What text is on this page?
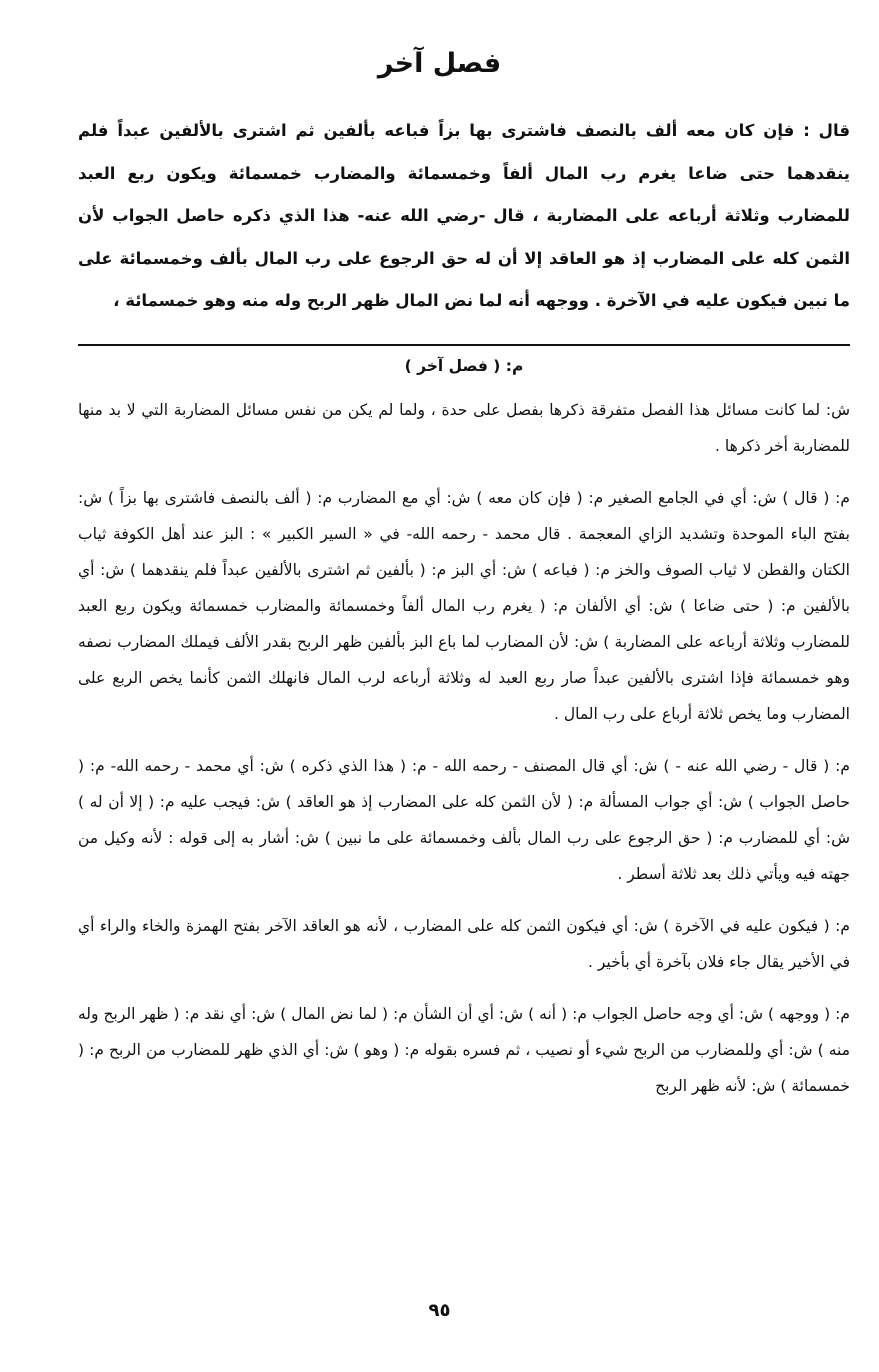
فصل آخر

قال : فإن كان معه ألف بالنصف فاشترى بها بزاً فباعه بألفين ثم اشترى بالألفين عبداً فلم ينقدهما حتى ضاعا يغرم رب المال ألفاً وخمسمائة والمضارب خمسمائة ويكون ربع العبد للمضارب وثلاثة أرباعه على المضاربة ، قال -رضي الله عنه- هذا الذي ذكره حاصل الجواب لأن الثمن كله على المضارب إذ هو العاقد إلا أن له حق الرجوع على رب المال بألف وخمسمائة على ما نبين فيكون عليه في الآخرة . ووجهه أنه لما نض المال ظهر الربح وله منه وهو خمسمائة ،

م: ( فصل آخر )

ش: لما كانت مسائل هذا الفصل متفرقة ذكرها بفصل على حدة ، ولما لم يكن من نفس مسائل المضاربة التي لا بد منها للمضاربة أخر ذكرها .

م: ( قال ) ش: أي في الجامع الصغير م: ( فإن كان معه ) ش: أي مع المضارب م: ( ألف بالنصف فاشترى بها بزاً ) ش: بفتح الباء الموحدة وتشديد الزاي المعجمة . قال محمد - رحمه الله- في « السير الكبير » : البز عند أهل الكوفة ثياب الكتان والقطن لا ثياب الصوف والخز م: ( فباعه ) ش: أي البز م: ( بألفين ثم اشترى بالألفين عبداً فلم ينقدهما ) ش: أي بالألفين م: ( حتى ضاعا ) ش: أي الألفان م: ( يغرم رب المال ألفاً وخمسمائة والمضارب خمسمائة ويكون ربع العبد للمضارب وثلاثة أرباعه على المضاربة ) ش: لأن المضارب لما باع البز بألفين ظهر الربح بقدر الألف فيملك المضارب نصفه وهو خمسمائة فإذا اشترى بالألفين عبداً صار ربع العبد له وثلاثة أرباعه لرب المال فانهلك الثمن كأنما يخص الربع على المضارب وما يخص ثلاثة أرباع على رب المال .

م: ( قال - رضي الله عنه - ) ش: أي قال المصنف - رحمه الله - م: ( هذا الذي ذكره ) ش: أي محمد - رحمه الله- م: ( حاصل الجواب ) ش: أي جواب المسألة م: ( لأن الثمن كله على المضارب إذ هو العاقد ) ش: فيجب عليه م: ( إلا أن له ) ش: أي للمضارب م: ( حق الرجوع على رب المال بألف وخمسمائة على ما نبين ) ش: أشار به إلى قوله : لأنه وكيل من جهته فيه ويأتي ذلك بعد ثلاثة أسطر .

م: ( فيكون عليه في الآخرة ) ش: أي فيكون الثمن كله على المضارب ، لأنه هو العاقد الآخر بفتح الهمزة والخاء والراء أي في الأخير يقال جاء فلان بآخرة أي بأخير .

م: ( ووجهه ) ش: أي وجه حاصل الجواب م: ( أنه ) ش: أي أن الشأن م: ( لما نض المال ) ش: أي نقد م: ( ظهر الربح وله منه ) ش: أي وللمضارب من الربح شيء أو نصيب ، ثم فسره بقوله م: ( وهو ) ش: أي الذي ظهر للمضارب من الربح م: ( خمسمائة ) ش: لأنه ظهر الربح

٩٥
